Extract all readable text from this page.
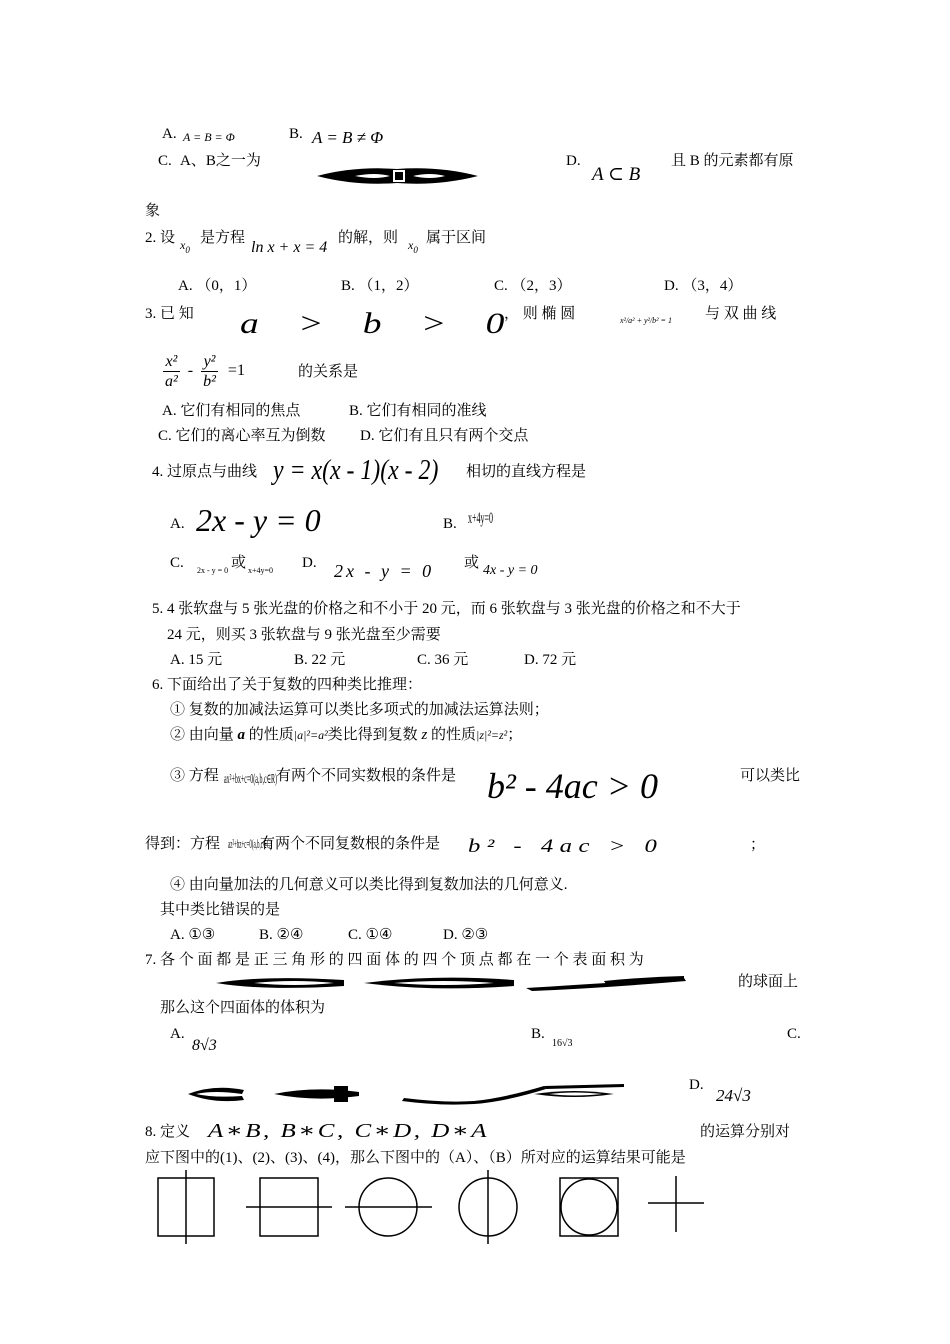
A. A = B = Φ	B. A = B ≠ Φ
C. A、B之一为	D.
A ⊂ B
且 B 的元素都有原
象
2. 设 $x_0$
是方程
ln x + x = 4
的解，则 $x_0$
属于区间
A. （0，1）	B. （1，2）	C. （2，3）	D. （3，4）
3. 已 知 a > b > 0
， 则 椭 圆	x²/a² + y²/b² = 1 与 双 曲 线
$\frac{\text{x²}}{\text{a²}} - \frac{\text{y²}}{\text{b²}} =1$	的关系是
A. 它们有相同的焦点	B. 它们有相同的准线
C. 它们的离心率互为倒数 D. 它们有且只有两个交点
4. 过原点与曲线 y = x(x - 1)(x - 2) 相切的直线方程是
A. 2x - y = 0	B. x+4y=0
C. 2x - y = 0 或 x+4y=0 D. 2x - y = 0 或 4x - y = 0
5. 4 张软盘与 5 张光盘的价格之和不小于 20 元，而 6 张软盘与 3 张光盘的价格之和不大于
24 元，则买 3 张软盘与 9 张光盘至少需要
A. 15 元	B. 22 元	C. 36 元	D. 72 元
6. 下面给出了关于复数的四种类比推理：
① 复数的加减法运算可以类比多项式的加减法运算法则；
② 由向量 a 的性质|a|²=a²类比得到复数 z 的性质|z|²=z²；
③ 方程 ax²+bx+c=0(a,b,c∈R)
有两个不同实数根的条件是 b² - 4ac > 0	可以类比
得到：方程 az²+bz+c=0(a,b,c∈C)
有两个不同复数根的条件是 b² - 4ac > 0	；
④ 由向量加法的几何意义可以类比得到复数加法的几何意义.
其中类比错误的是
A. ①③	B. ②④	C. ①④	D. ②③
7. 各 个 面 都 是 正 三 角 形 的 四 面 体 的 四 个 顶 点 都 在 一 个 表 面 积 为
的球面上
那么这个四面体的体积为
A.
8√3
B.
16√3
C.
D.
24√3
8. 定义 A∗B, B∗C, C∗D, D∗A	的运算分别对
应下图中的(1)、(2)、(3)、(4)，那么下图中的（A）、（B）所对应的运算结果可能是
